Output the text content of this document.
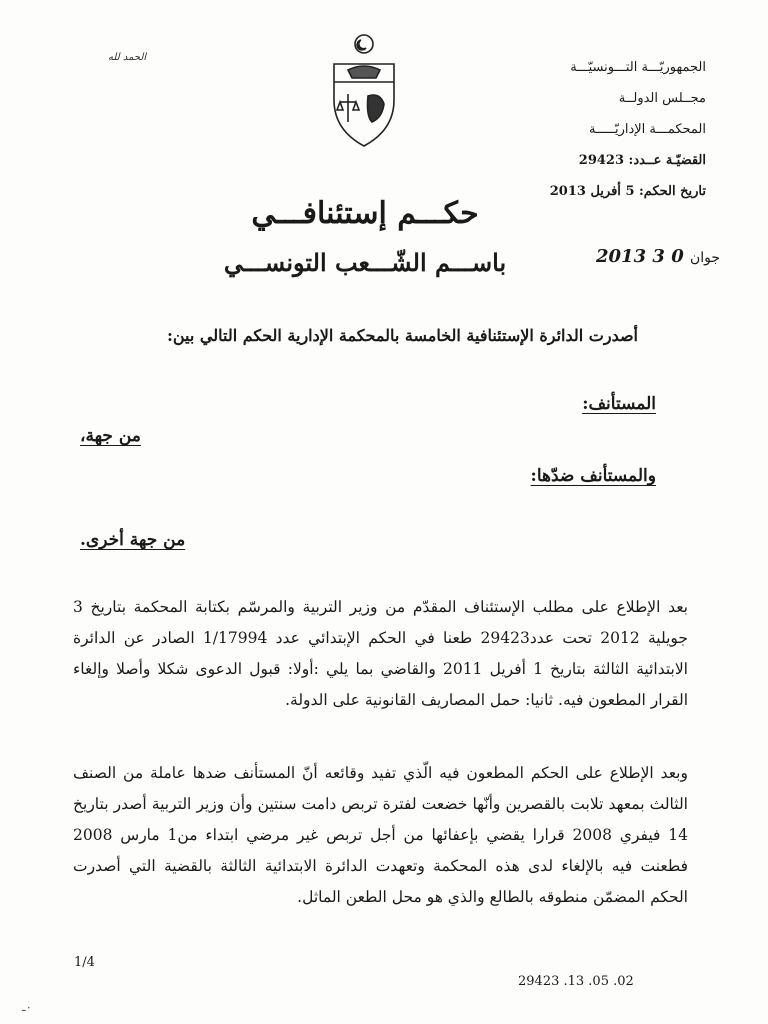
الجمهوريّـــة التـــونسيّـــة
مجــلس الدولــة
المحكمـــة الإداريّـــــة
القضيّـة عــدد: 29423
تاريخ الحكم: 5 أفريل 2013
الحمد لله
حكـــم إستئنافـــي
باســـم الشّـــعب التونســـي	2013	جوان 0 3
أصدرت الدائرة الإستئنافية الخامسة بالمحكمة الإدارية الحكم التالي بين:
المستأنف:
من جهة،
والمستأنف ضدّها:
من جهة أخرى.
بعد الإطلاع على مطلب الإستئناف المقدّم من وزير التربية والمرسّم بكتابة المحكمة بتاريخ 3 جويلية 2012 تحت عدد29423 طعنا في الحكم الإبتدائي عدد 1/17994 الصادر عن الدائرة الابتدائية الثالثة بتاريخ 1 أفريل 2011 والقاضي بما يلي :أولا: قبول الدعوى شكلا وأصلا وإلغاء القرار المطعون فيه. ثانيا: حمل المصاريف القانونية على الدولة.
وبعد الإطلاع على الحكم المطعون فيه الّذي تفيد وقائعه أنّ المستأنف ضدها عاملة من الصنف الثالث بمعهد تلابت بالقصرين وأنّها خضعت لفترة تربص دامت سنتين وأن وزير التربية أصدر بتاريخ 14 فيفري 2008 قرارا يقضي بإعفائها من أجل تربص غير مرضي ابتداء من1 مارس 2008 فطعنت فيه بالإلغاء لدى هذه المحكمة وتعهدت الدائرة الابتدائية الثالثة بالقضية التي أصدرت الحكم المضمّن منطوقه بالطالع والذي هو محل الطعن الماثل.
1/4
29423 .13 .05 .02
٠ـ
